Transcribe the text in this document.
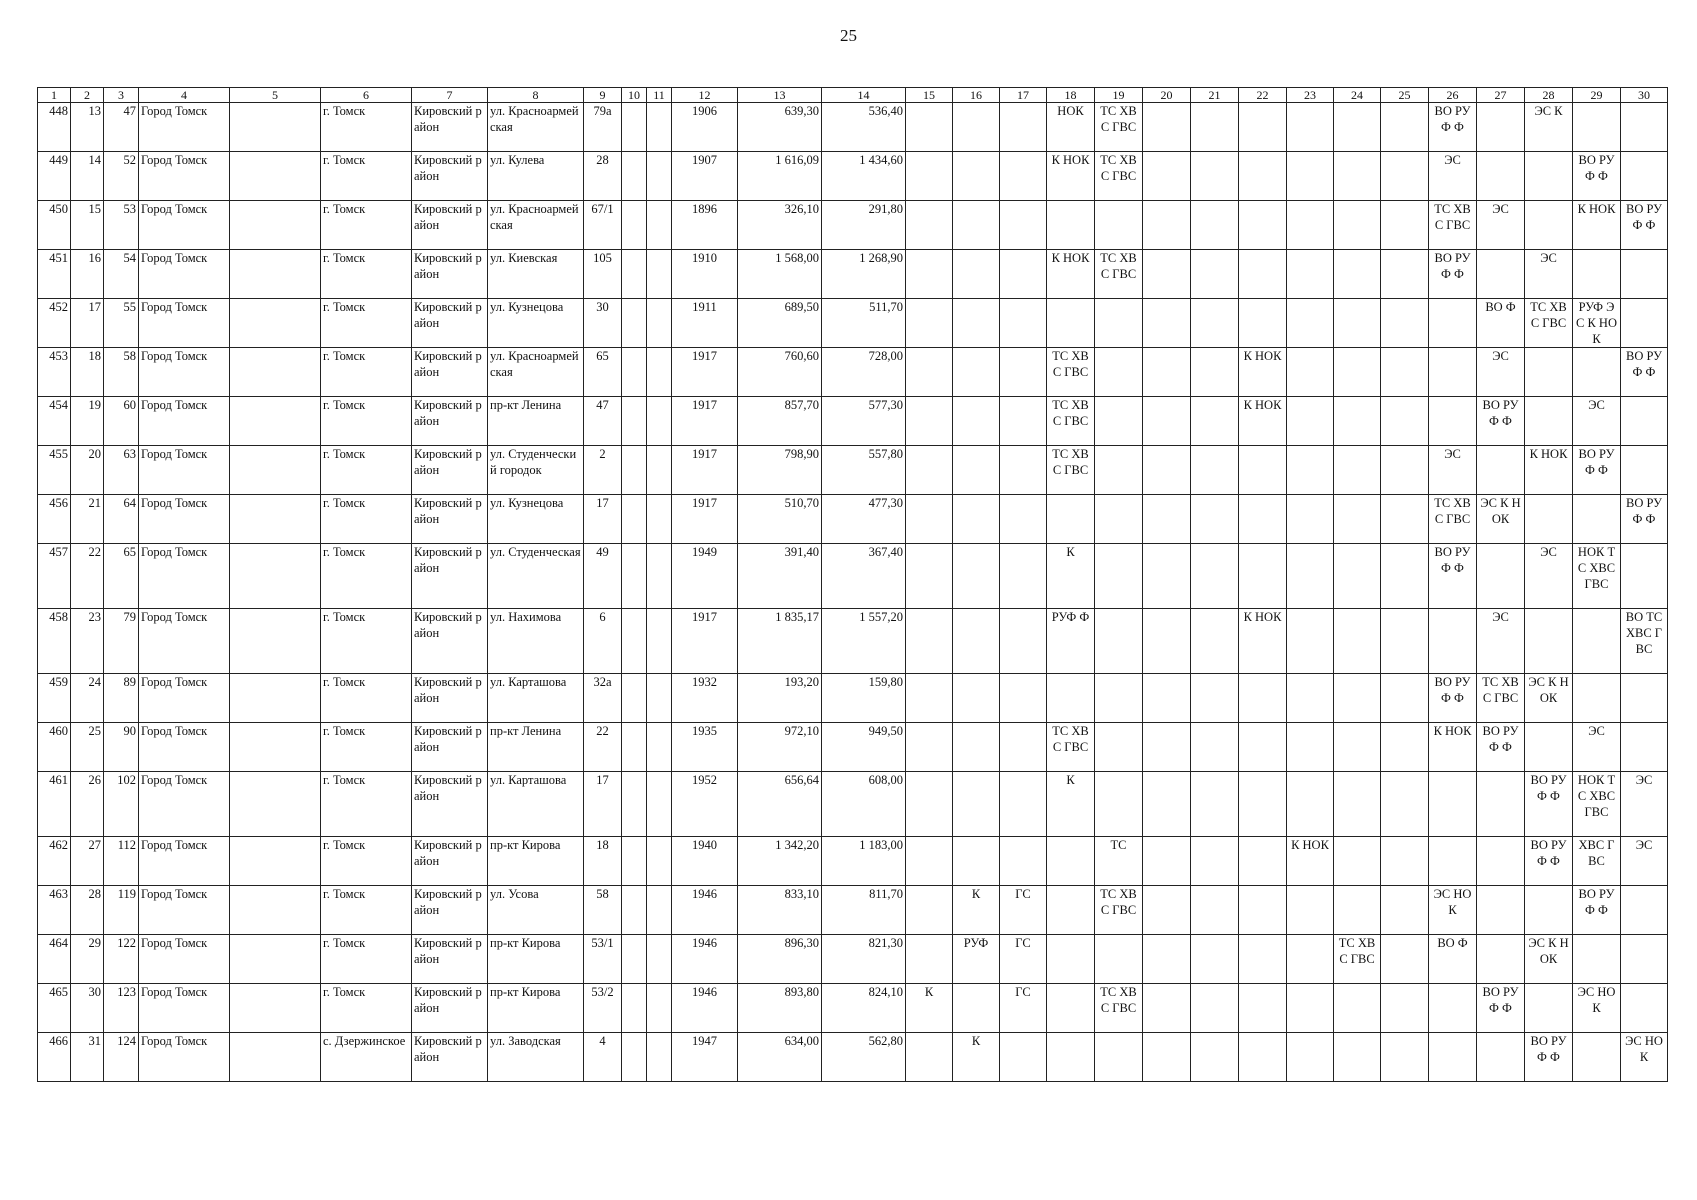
25
1	2	3	4	5	6	7	8	9	10	11	12	13	14	15	16	17	18	19	20	21	22	23	24	25	26	27	28	29	30
448	13	47	Город Томск		г. Томск	Кировский район	ул. Красноармейская	79а			1906	639,30	536,40				НОК	ТС ХВС ГВС							ВО РУФ Ф		ЭС К		
449	14	52	Город Томск		г. Томск	Кировский район	ул. Кулева	28			1907	1 616,09	1 434,60				К НОК	ТС ХВС ГВС							ЭС			ВО РУФ Ф	
450	15	53	Город Томск		г. Томск	Кировский район	ул. Красноармейская	67/1			1896	326,10	291,80												ТС ХВС ГВС	ЭС		К НОК	ВО РУФ Ф
451	16	54	Город Томск		г. Томск	Кировский район	ул. Киевская	105			1910	1 568,00	1 268,90				К НОК	ТС ХВС ГВС							ВО РУФ Ф		ЭС		
452	17	55	Город Томск		г. Томск	Кировский район	ул. Кузнецова	30			1911	689,50	511,70													ВО Ф	ТС ХВС ГВС	РУФ ЭС К НОК	
453	18	58	Город Томск		г. Томск	Кировский район	ул. Красноармейская	65			1917	760,60	728,00				ТС ХВС ГВС				К НОК					ЭС			ВО РУФ Ф
454	19	60	Город Томск		г. Томск	Кировский район	пр-кт Ленина	47			1917	857,70	577,30				ТС ХВС ГВС				К НОК					ВО РУФ Ф		ЭС	
455	20	63	Город Томск		г. Томск	Кировский район	ул. Студенческий городок	2			1917	798,90	557,80				ТС ХВС ГВС								ЭС		К НОК	ВО РУФ Ф	
456	21	64	Город Томск		г. Томск	Кировский район	ул. Кузнецова	17			1917	510,70	477,30												ТС ХВС ГВС	ЭС К НОК			ВО РУФ Ф
457	22	65	Город Томск		г. Томск	Кировский район	ул. Студенческая	49			1949	391,40	367,40				К								ВО РУФ Ф		ЭС	НОК ТС ХВС ГВС	
458	23	79	Город Томск		г. Томск	Кировский район	ул. Нахимова	6			1917	1 835,17	1 557,20				РУФ Ф				К НОК					ЭС			ВО ТС ХВС ГВС
459	24	89	Город Томск		г. Томск	Кировский район	ул. Карташова	32а			1932	193,20	159,80												ВО РУФ Ф	ТС ХВС ГВС	ЭС К НОК		
460	25	90	Город Томск		г. Томск	Кировский район	пр-кт Ленина	22			1935	972,10	949,50				ТС ХВС ГВС								К НОК	ВО РУФ Ф		ЭС	
461	26	102	Город Томск		г. Томск	Кировский район	ул. Карташова	17			1952	656,64	608,00				К										ВО РУФ Ф	НОК ТС ХВС ГВС	ЭС
462	27	112	Город Томск		г. Томск	Кировский район	пр-кт Кирова	18			1940	1 342,20	1 183,00					ТС				К НОК					ВО РУФ Ф	ХВС ГВС	ЭС
463	28	119	Город Томск		г. Томск	Кировский район	ул. Усова	58			1946	833,10	811,70		К	ГС		ТС ХВС ГВС							ЭС НОК			ВО РУФ Ф	
464	29	122	Город Томск		г. Томск	Кировский район	пр-кт Кирова	53/1			1946	896,30	821,30		РУФ	ГС							ТС ХВС ГВС		ВО Ф		ЭС К НОК		
465	30	123	Город Томск		г. Томск	Кировский район	пр-кт Кирова	53/2			1946	893,80	824,10	К		ГС		ТС ХВС ГВС								ВО РУФ Ф		ЭС НОК	
466	31	124	Город Томск		с. Дзержинское	Кировский район	ул. Заводская	4			1947	634,00	562,80		К												ВО РУФ Ф		ЭС НОК
